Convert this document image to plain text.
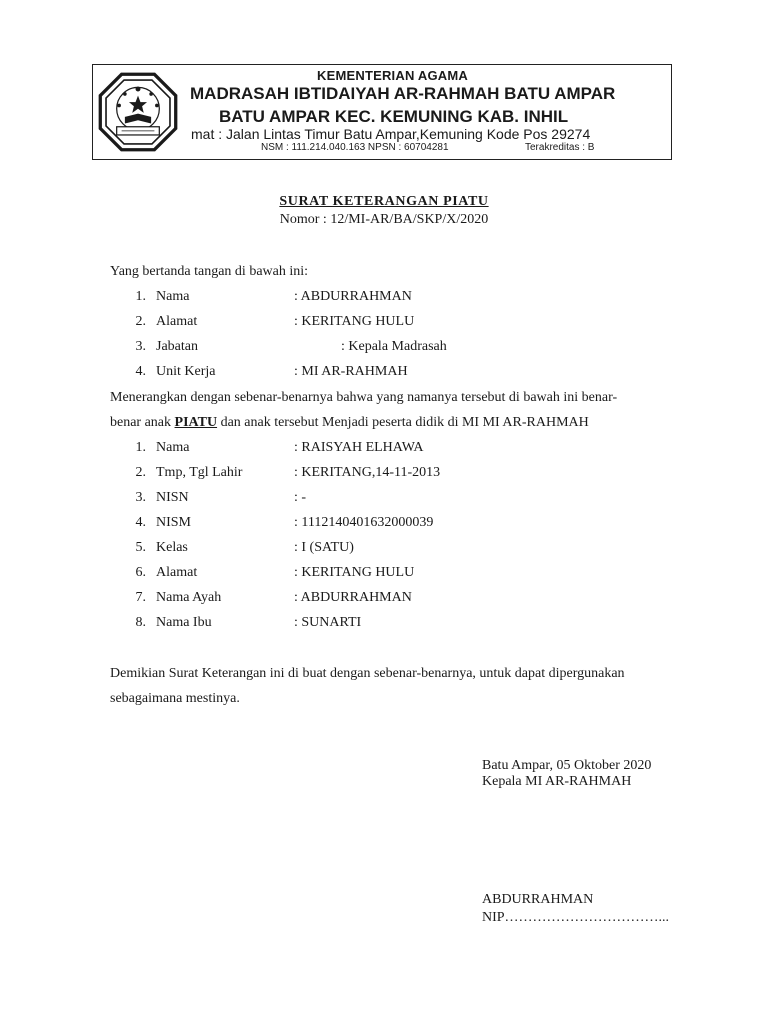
KEMENTERIAN AGAMA
MADRASAH IBTIDAIYAH AR-RAHMAH BATU AMPAR
BATU AMPAR KEC. KEMUNING KAB. INHIL
mat : Jalan Lintas Timur Batu Ampar,Kemuning Kode Pos 29274
NSM : 111.214.040.163 NPSN : 60704281	Terakreditas : B
SURAT KETERANGAN PIATU
Nomor : 12/MI-AR/BA/SKP/X/2020
Yang bertanda tangan di bawah ini:
1. Nama	: ABDURRAHMAN
2. Alamat	: KERITANG HULU
3. Jabatan	: Kepala Madrasah
4. Unit Kerja	: MI AR-RAHMAH
Menerangkan dengan sebenar-benarnya bahwa yang namanya tersebut di bawah ini benar-
benar anak PIATU dan anak tersebut Menjadi peserta didik di MI MI AR-RAHMAH
1. Nama	: RAISYAH ELHAWA
2. Tmp, Tgl Lahir	: KERITANG,14-11-2013
3. NISN	: -
4. NISM	: 1112140401632000039
5. Kelas	: I (SATU)
6. Alamat	: KERITANG HULU
7. Nama Ayah	: ABDURRAHMAN
8. Nama Ibu	: SUNARTI
Demikian Surat Keterangan ini di buat dengan sebenar-benarnya, untuk dapat dipergunakan
sebagaimana mestinya.
Batu Ampar, 05 Oktober 2020
Kepala MI AR-RAHMAH
ABDURRAHMAN
NIP……………………………...
